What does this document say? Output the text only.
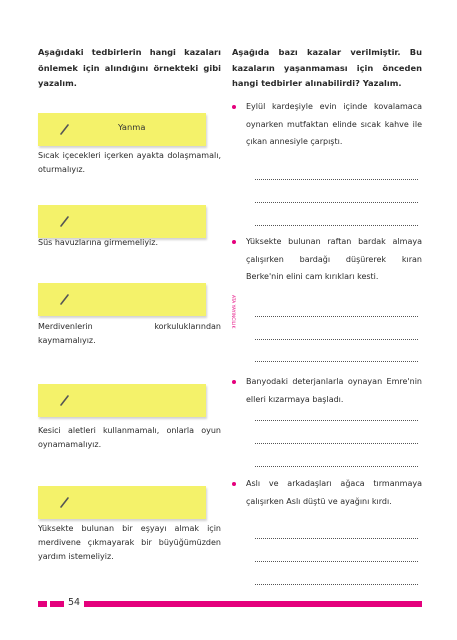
Aşağıdaki tedbirlerin hangi kazaları önlemek için alındığını örnekteki gibi yazalım.
Yanma
Sıcak içecekleri içerken ayakta dolaşmamalı, oturmalıyız.
Süs havuzlarına girmemeliyiz.
Merdivenlerin korkuluklarından kaymamalıyız.
Kesici aletleri kullanmamalı, onlarla oyun oynamamalıyız.
Yüksekte bulunan bir eşyayı almak için merdivene çıkmayarak bir büyüğümüzden yardım istemeliyiz.
ATA YAYINCILIK
Aşağıda bazı kazalar verilmiştir. Bu kazaların yaşanmaması için önceden hangi tedbirler alınabilirdi? Yazalım.
Eylül kardeşiyle evin içinde kovalamaca oynarken mutfaktan elinde sıcak kahve ile çıkan annesiyle çarpıştı.
Yüksekte bulunan raftan bardak almaya çalışırken bardağı düşürerek kıran Berke'nin elini cam kırıkları kesti.
Banyodaki deterjanlarla oynayan Emre'nin elleri kızarmaya başladı.
Aslı ve arkadaşları ağaca tırmanmaya çalışırken Aslı düştü ve ayağını kırdı.
54
